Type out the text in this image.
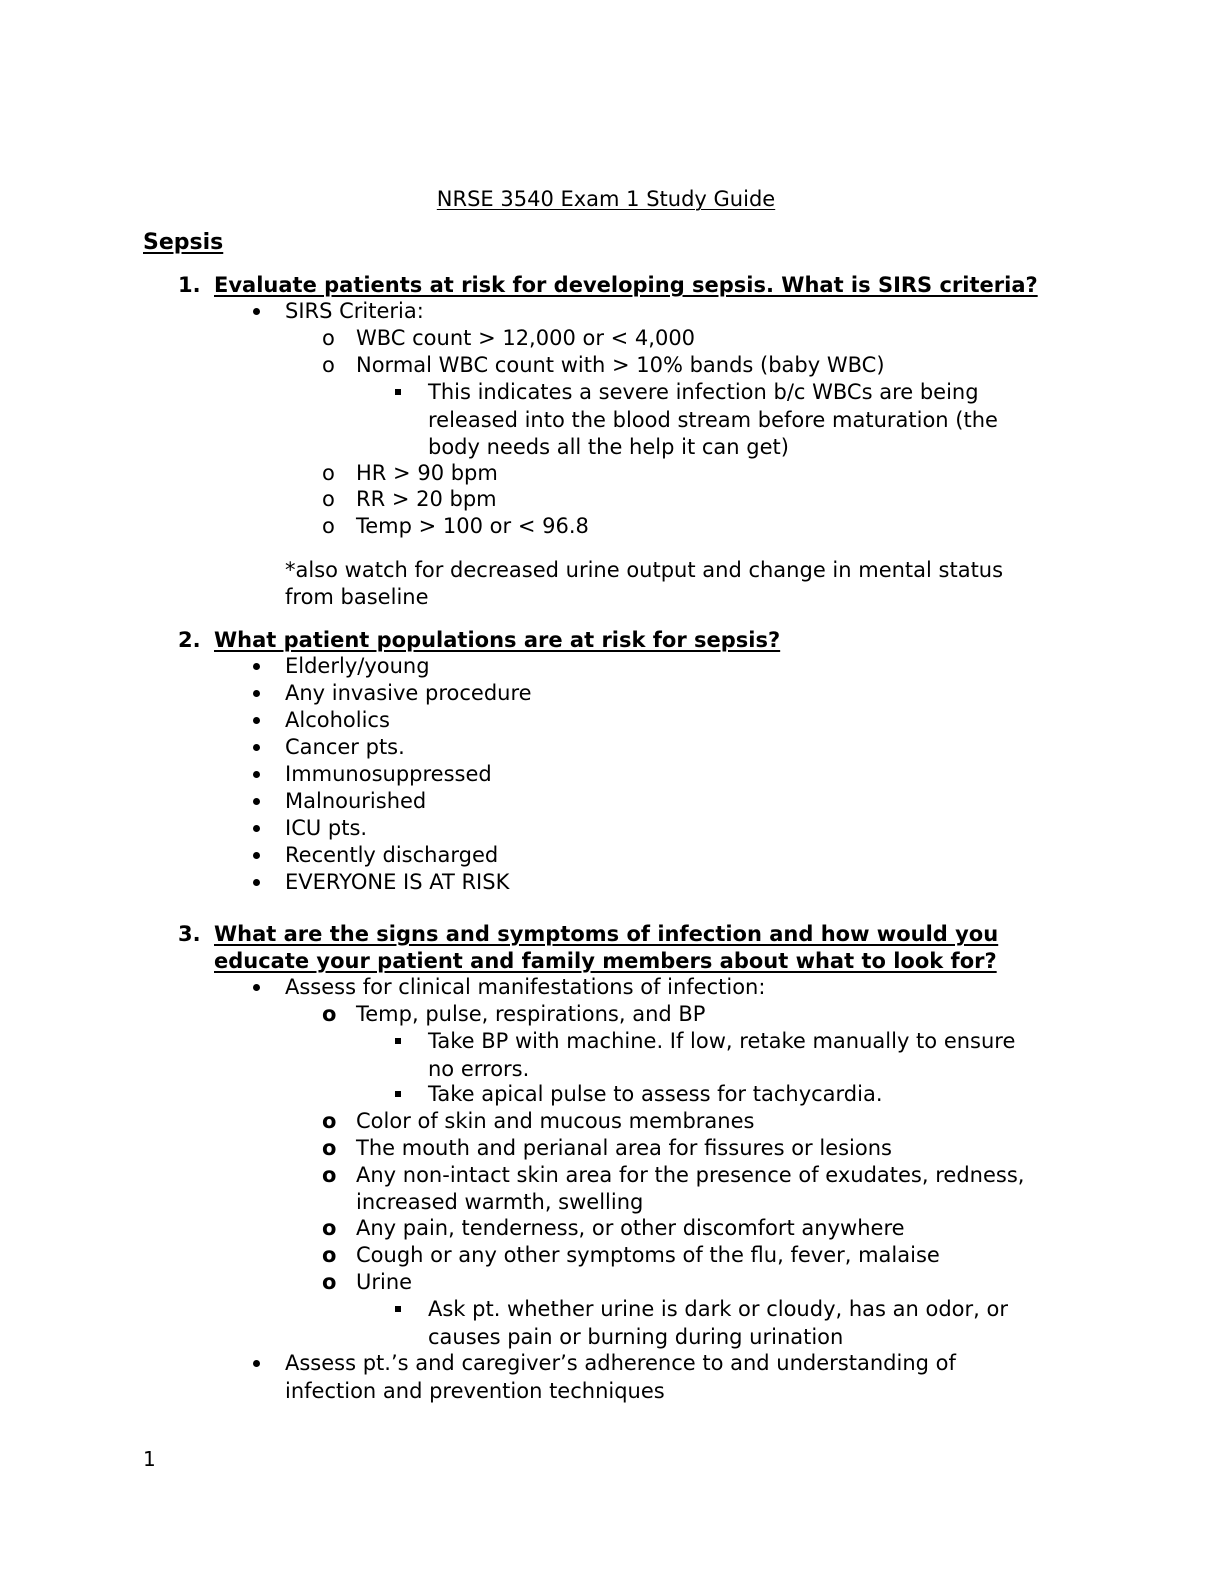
NRSE 3540 Exam 1 Study Guide
Sepsis
1. Evaluate patients at risk for developing sepsis. What is SIRS criteria?
SIRS Criteria:
o WBC count > 12,000 or < 4,000
o Normal WBC count with > 10% bands (baby WBC)
This indicates a severe infection b/c WBCs are being
released into the blood stream before maturation (the
body needs all the help it can get)
o HR > 90 bpm
o RR > 20 bpm
o Temp > 100 or < 96.8
*also watch for decreased urine output and change in mental status
from baseline
2. What patient populations are at risk for sepsis?
Elderly/young
Any invasive procedure
Alcoholics
Cancer pts.
Immunosuppressed
Malnourished
ICU pts.
Recently discharged
EVERYONE IS AT RISK
3. What are the signs and symptoms of infection and how would you
educate your patient and family members about what to look for?
Assess for clinical manifestations of infection:
o Temp, pulse, respirations, and BP
Take BP with machine. If low, retake manually to ensure
no errors.
Take apical pulse to assess for tachycardia.
o Color of skin and mucous membranes
o The mouth and perianal area for fissures or lesions
o Any non-intact skin area for the presence of exudates, redness,
increased warmth, swelling
o Any pain, tenderness, or other discomfort anywhere
o Cough or any other symptoms of the flu, fever, malaise
o Urine
Ask pt. whether urine is dark or cloudy, has an odor, or
causes pain or burning during urination
Assess pt.’s and caregiver’s adherence to and understanding of
infection and prevention techniques
1
